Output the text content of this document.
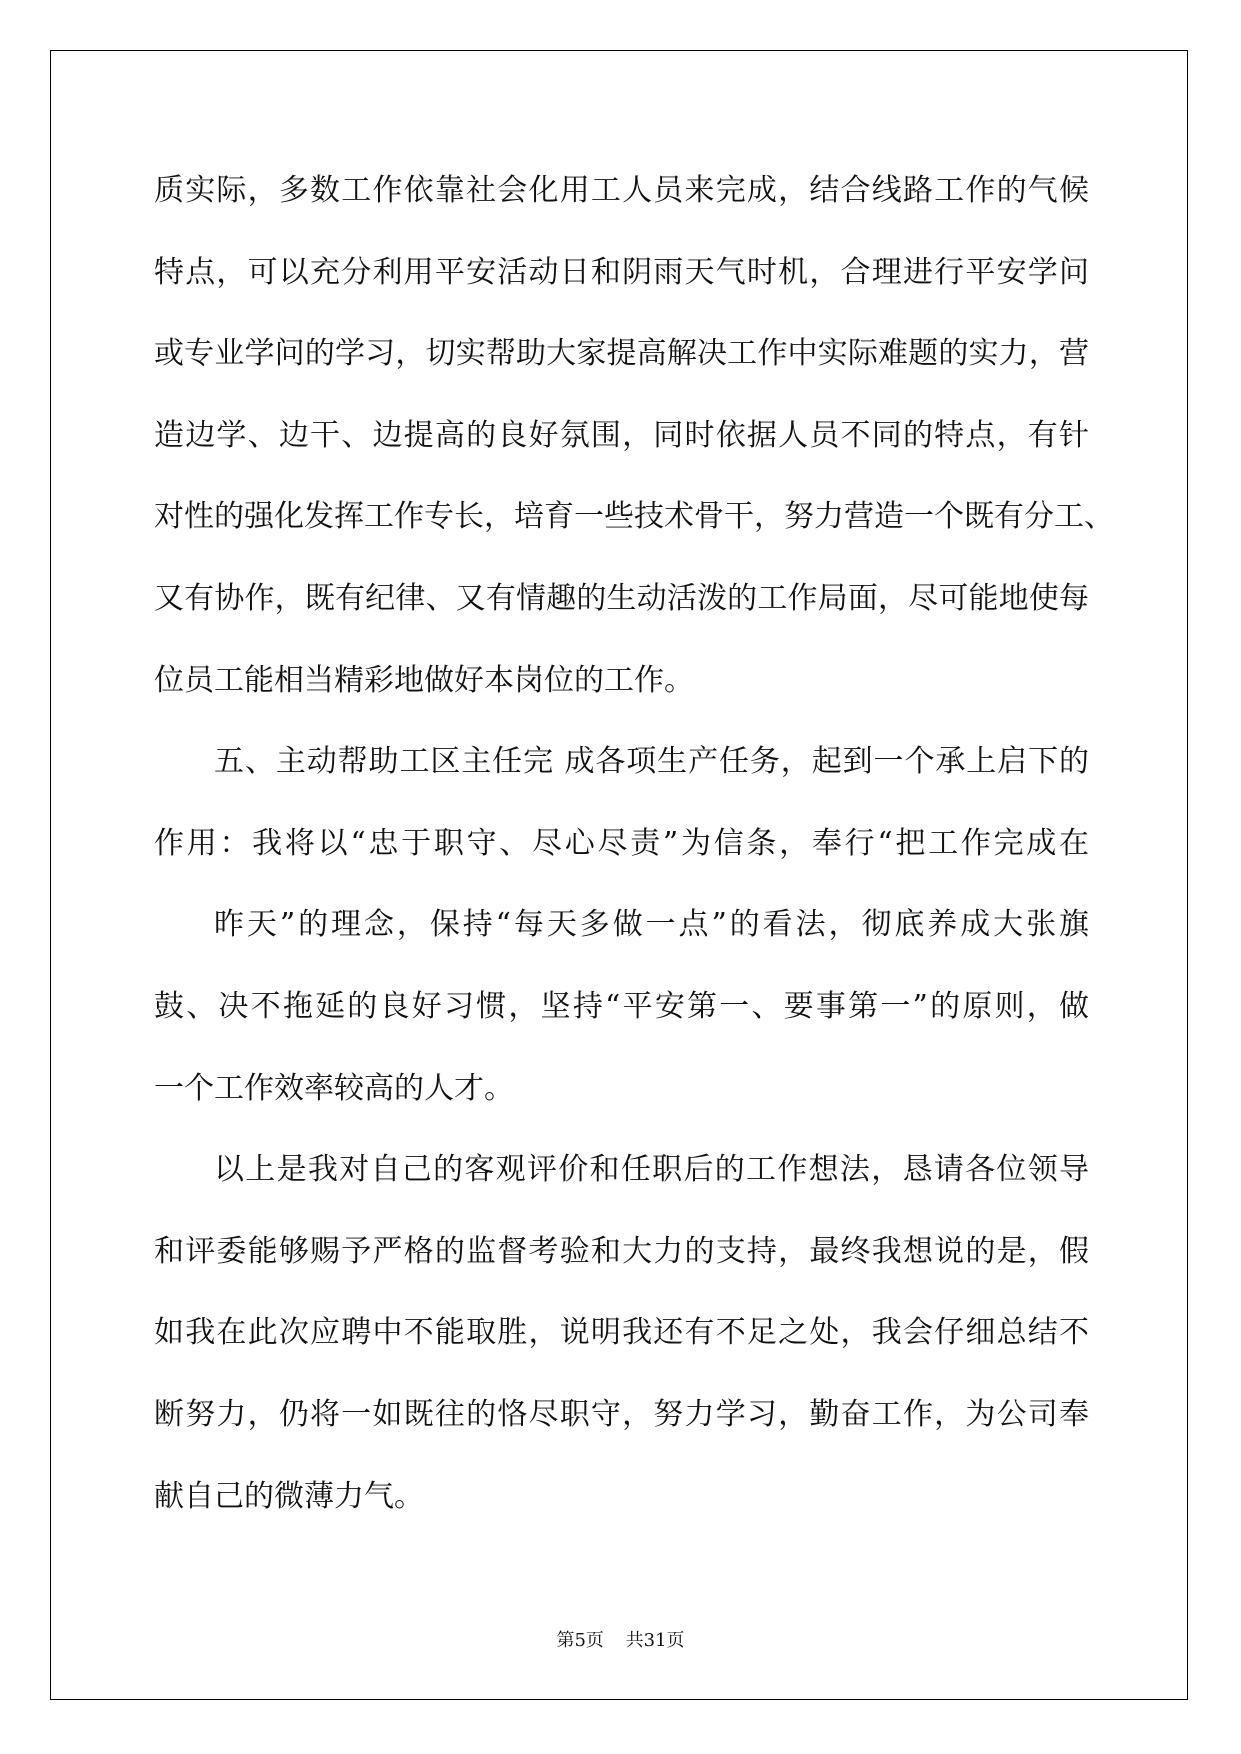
质实际，多数工作依靠社会化用工人员来完成，结合线路工作的气候
特点，可以充分利用平安活动日和阴雨天气时机，合理进行平安学问
或专业学问的学习，切实帮助大家提高解决工作中实际难题的实力，营
造边学、边干、边提高的良好氛围，同时依据人员不同的特点，有针
对性的强化发挥工作专长，培育一些技术骨干，努力营造一个既有分工、
又有协作，既有纪律、又有情趣的生动活泼的工作局面，尽可能地使每
位员工能相当精彩地做好本岗位的工作。
五、主动帮助工区主任完 成各项生产任务，起到一个承上启下的
作用：我将以“忠于职守、尽心尽责”为信条，奉行“把工作完成在
昨天”的理念，保持“每天多做一点”的看法，彻底养成大张旗
鼓、决不拖延的良好习惯，坚持“平安第一、要事第一”的原则，做
一个工作效率较高的人才。
以上是我对自己的客观评价和任职后的工作想法，恳请各位领导
和评委能够赐予严格的监督考验和大力的支持，最终我想说的是，假
如我在此次应聘中不能取胜，说明我还有不足之处，我会仔细总结不
断努力，仍将一如既往的恪尽职守，努力学习，勤奋工作，为公司奉
献自己的微薄力气。
第5页 共31页
